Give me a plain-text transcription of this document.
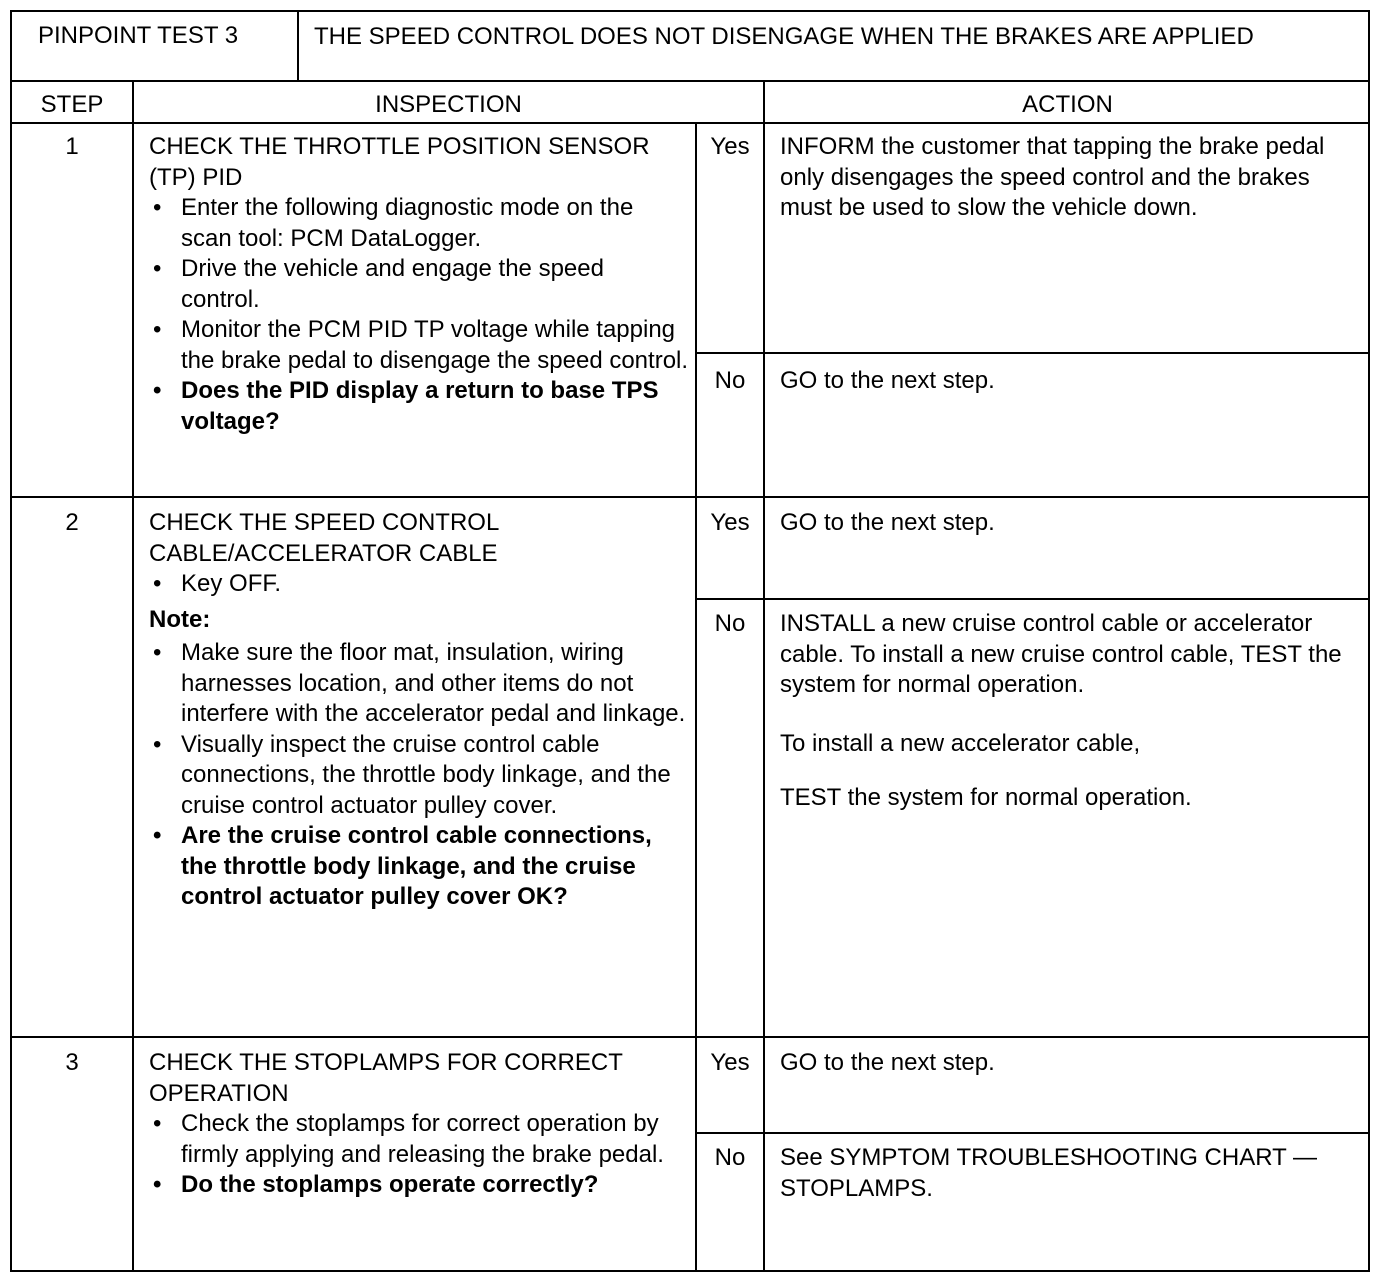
PINPOINT TEST 3	THE SPEED CONTROL DOES NOT DISENGAGE WHEN THE BRAKES ARE APPLIED
STEP	INSPECTION	ACTION
1	CHECK THE THROTTLE POSITION SENSOR (TP) PID
• Enter the following diagnostic mode on the scan tool: PCM DataLogger.
• Drive the vehicle and engage the speed control.
• Monitor the PCM PID TP voltage while tapping the brake pedal to disengage the speed control.
• Does the PID display a return to base TPS voltage?
Yes	INFORM the customer that tapping the brake pedal only disengages the speed control and the brakes must be used to slow the vehicle down.
No	GO to the next step.
2	CHECK THE SPEED CONTROL CABLE/ACCELERATOR CABLE
• Key OFF.
Note:
• Make sure the floor mat, insulation, wiring harnesses location, and other items do not interfere with the accelerator pedal and linkage.
• Visually inspect the cruise control cable connections, the throttle body linkage, and the cruise control actuator pulley cover.
• Are the cruise control cable connections, the throttle body linkage, and the cruise control actuator pulley cover OK?
Yes	GO to the next step.
No	INSTALL a new cruise control cable or accelerator cable. To install a new cruise control cable, TEST the system for normal operation.

To install a new accelerator cable,

TEST the system for normal operation.

3	CHECK THE STOPLAMPS FOR CORRECT OPERATION
• Check the stoplamps for correct operation by firmly applying and releasing the brake pedal.
• Do the stoplamps operate correctly?
Yes	GO to the next step.
No	See SYMPTOM TROUBLESHOOTING CHART — STOPLAMPS.
